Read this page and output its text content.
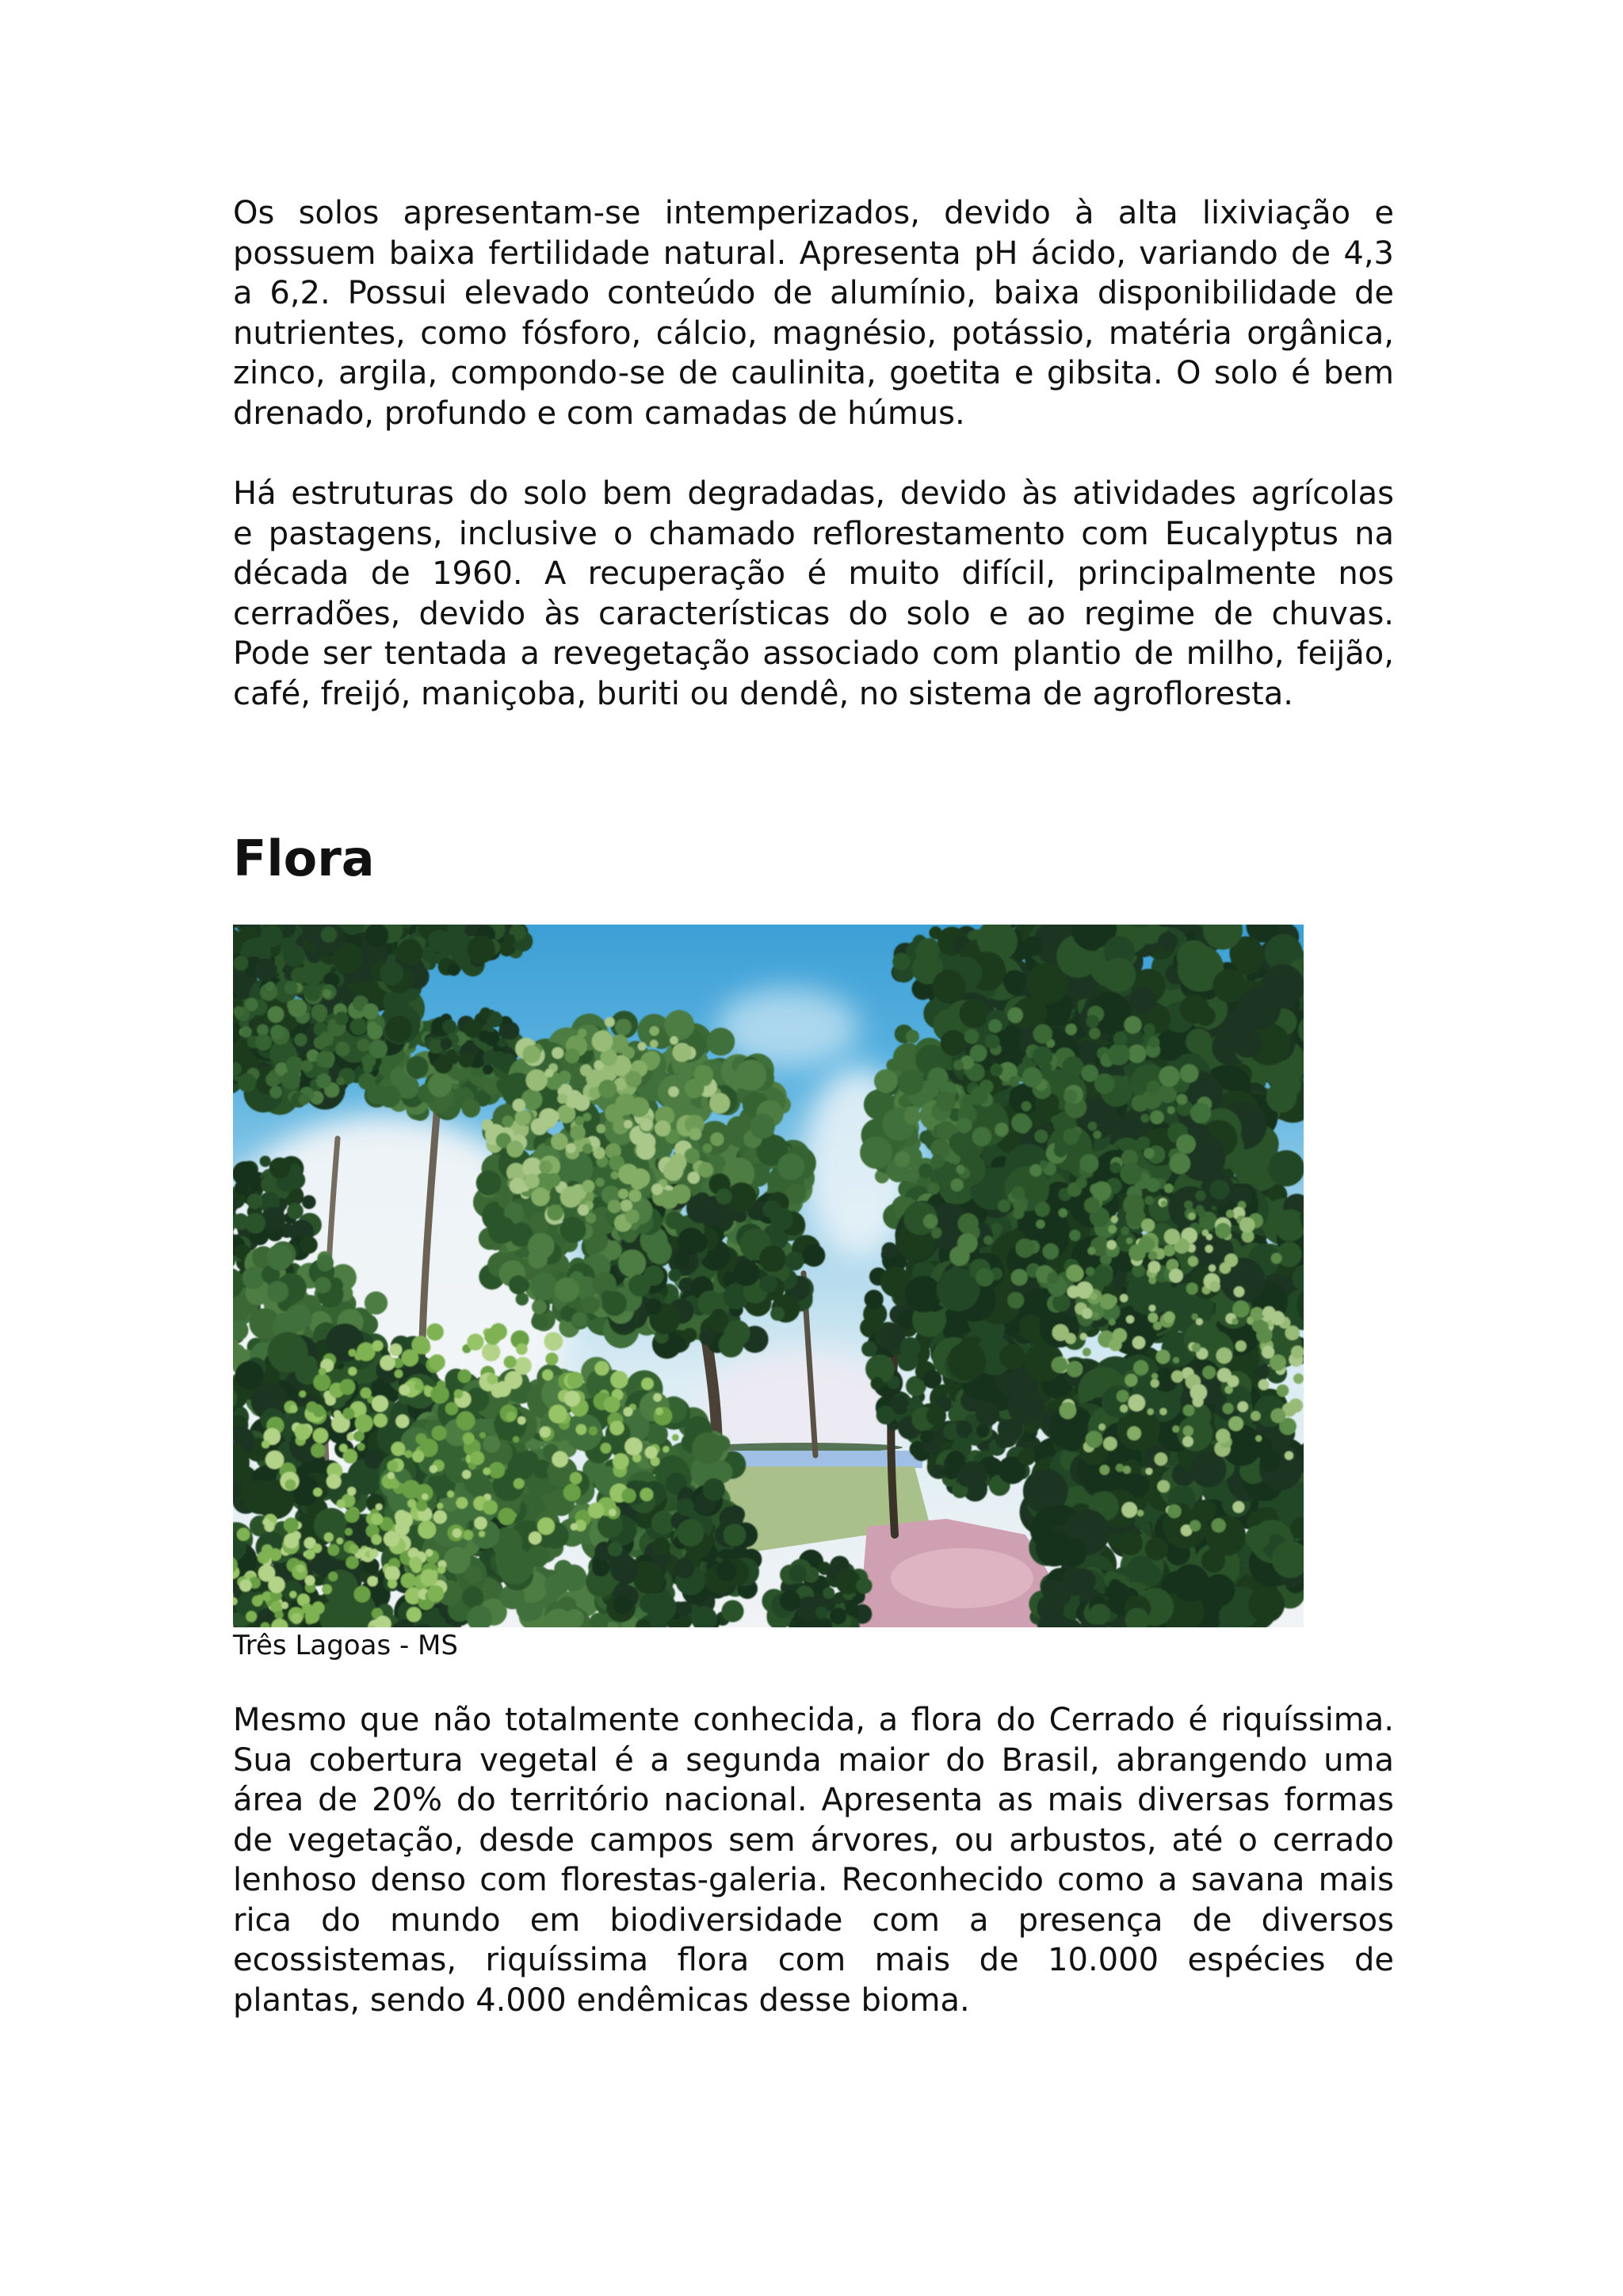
Os solos apresentam-se intemperizados, devido à alta lixiviação e
possuem baixa fertilidade natural. Apresenta pH ácido, variando de 4,3
a 6,2. Possui elevado conteúdo de alumínio, baixa disponibilidade de
nutrientes, como fósforo, cálcio, magnésio, potássio, matéria orgânica,
zinco, argila, compondo-se de caulinita, goetita e gibsita. O solo é bem
drenado, profundo e com camadas de húmus.
Há estruturas do solo bem degradadas, devido às atividades agrícolas
e pastagens, inclusive o chamado reflorestamento com Eucalyptus na
década de 1960. A recuperação é muito difícil, principalmente nos
cerradões, devido às características do solo e ao regime de chuvas.
Pode ser tentada a revegetação associado com plantio de milho, feijão,
café, freijó, maniçoba, buriti ou dendê, no sistema de agrofloresta.
Flora
Três Lagoas - MS
Mesmo que não totalmente conhecida, a flora do Cerrado é riquíssima.
Sua cobertura vegetal é a segunda maior do Brasil, abrangendo uma
área de 20% do território nacional. Apresenta as mais diversas formas
de vegetação, desde campos sem árvores, ou arbustos, até o cerrado
lenhoso denso com florestas-galeria. Reconhecido como a savana mais
rica do mundo em biodiversidade com a presença de diversos
ecossistemas, riquíssima flora com mais de 10.000 espécies de
plantas, sendo 4.000 endêmicas desse bioma.
